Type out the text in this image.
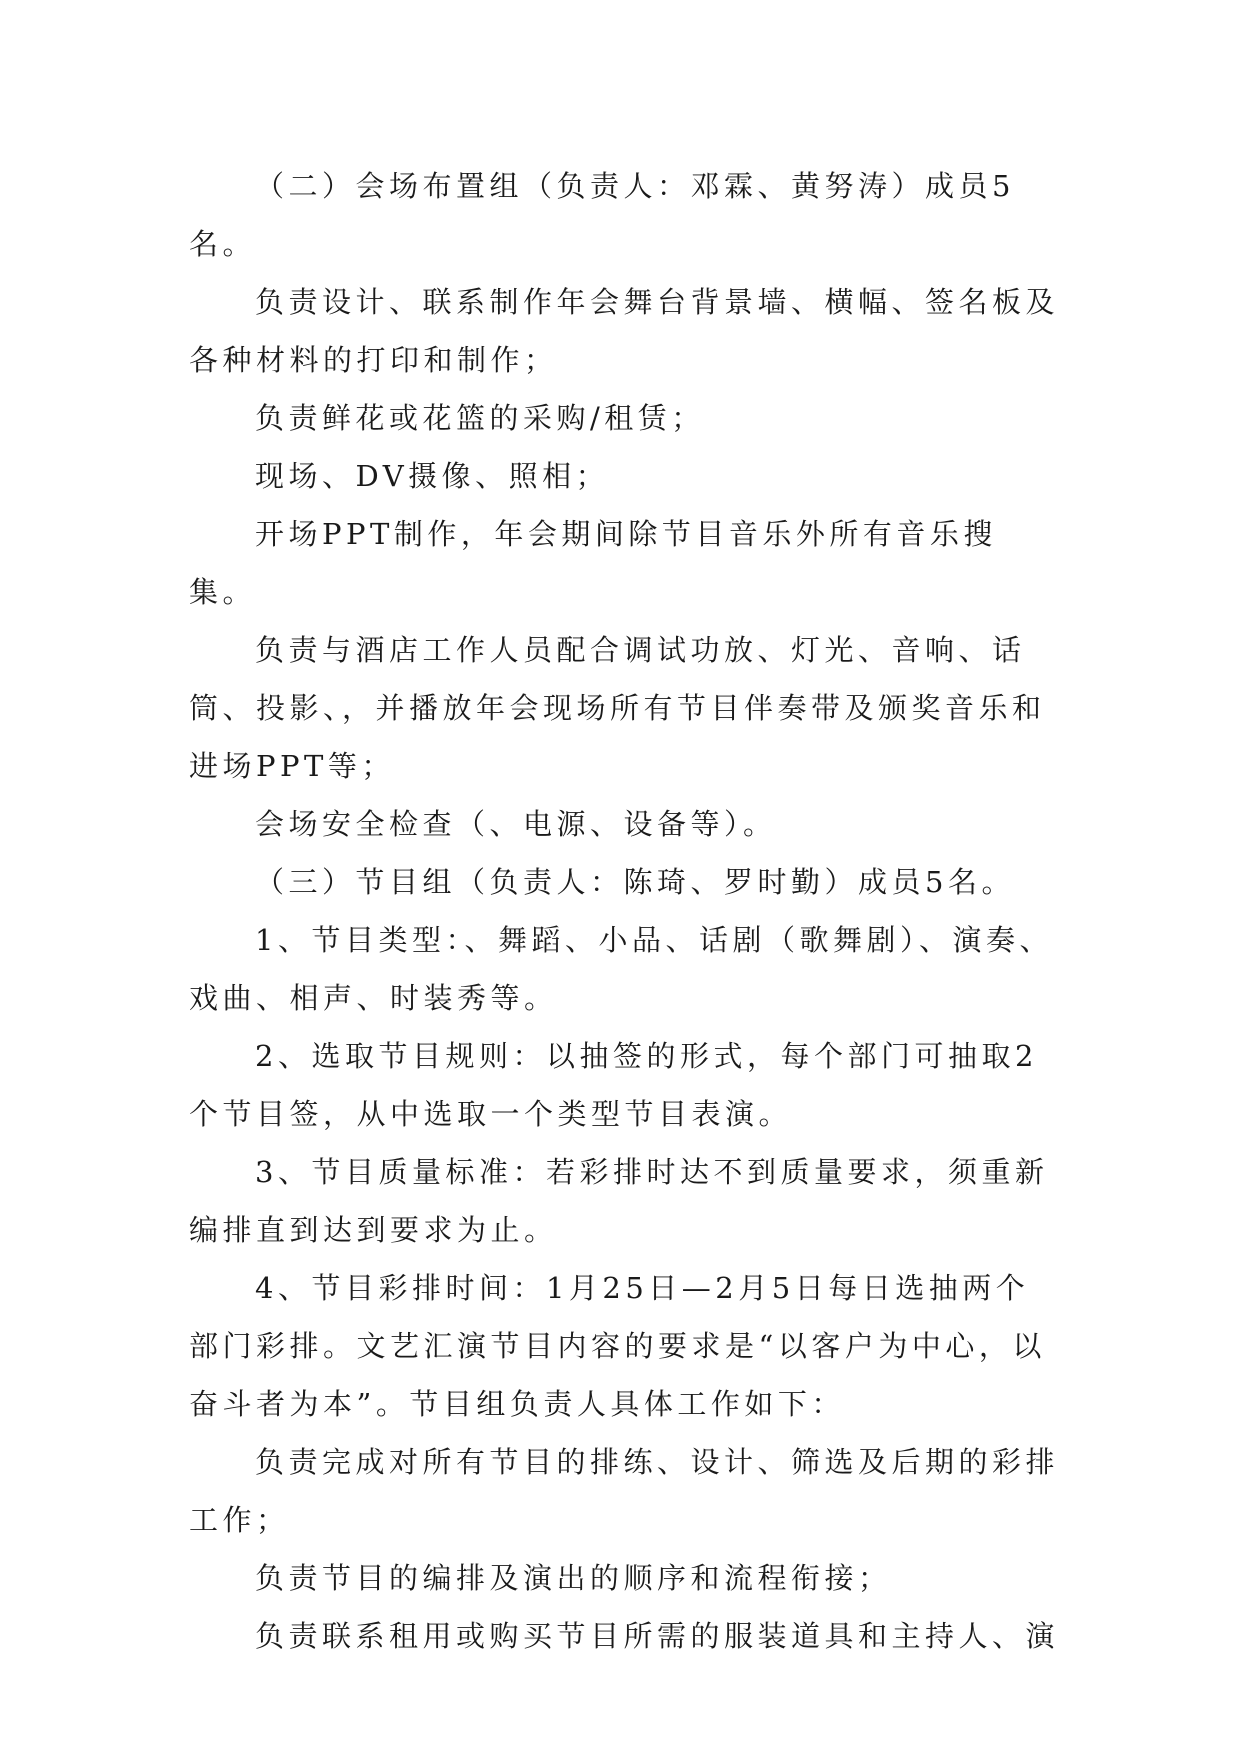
（二）会场布置组（负责人：邓霖、黄努涛）成员5名。

负责设计、联系制作年会舞台背景墙、横幅、签名板及各种材料的打印和制作；

负责鲜花或花篮的采购/租赁；

现场、DV摄像、照相；

开场PPT制作，年会期间除节目音乐外所有音乐搜集。

负责与酒店工作人员配合调试功放、灯光、音响、话筒、投影、，并播放年会现场所有节目伴奏带及颁奖音乐和进场PPT等；

会场安全检查（、电源、设备等）。

（三）节目组（负责人：陈琦、罗时勤）成员5名。

1、节目类型：、舞蹈、小品、话剧（歌舞剧）、演奏、戏曲、相声、时装秀等。

2、选取节目规则：以抽签的形式，每个部门可抽取2个节目签，从中选取一个类型节目表演。

3、节目质量标准：若彩排时达不到质量要求，须重新编排直到达到要求为止。

4、节目彩排时间：1月25日—2月5日每日选抽两个部门彩排。文艺汇演节目内容的要求是“以客户为中心，以奋斗者为本”。节目组负责人具体工作如下：

负责完成对所有节目的排练、设计、筛选及后期的彩排工作；

负责节目的编排及演出的顺序和流程衔接；

负责联系租用或购买节目所需的服装道具和主持人、演
